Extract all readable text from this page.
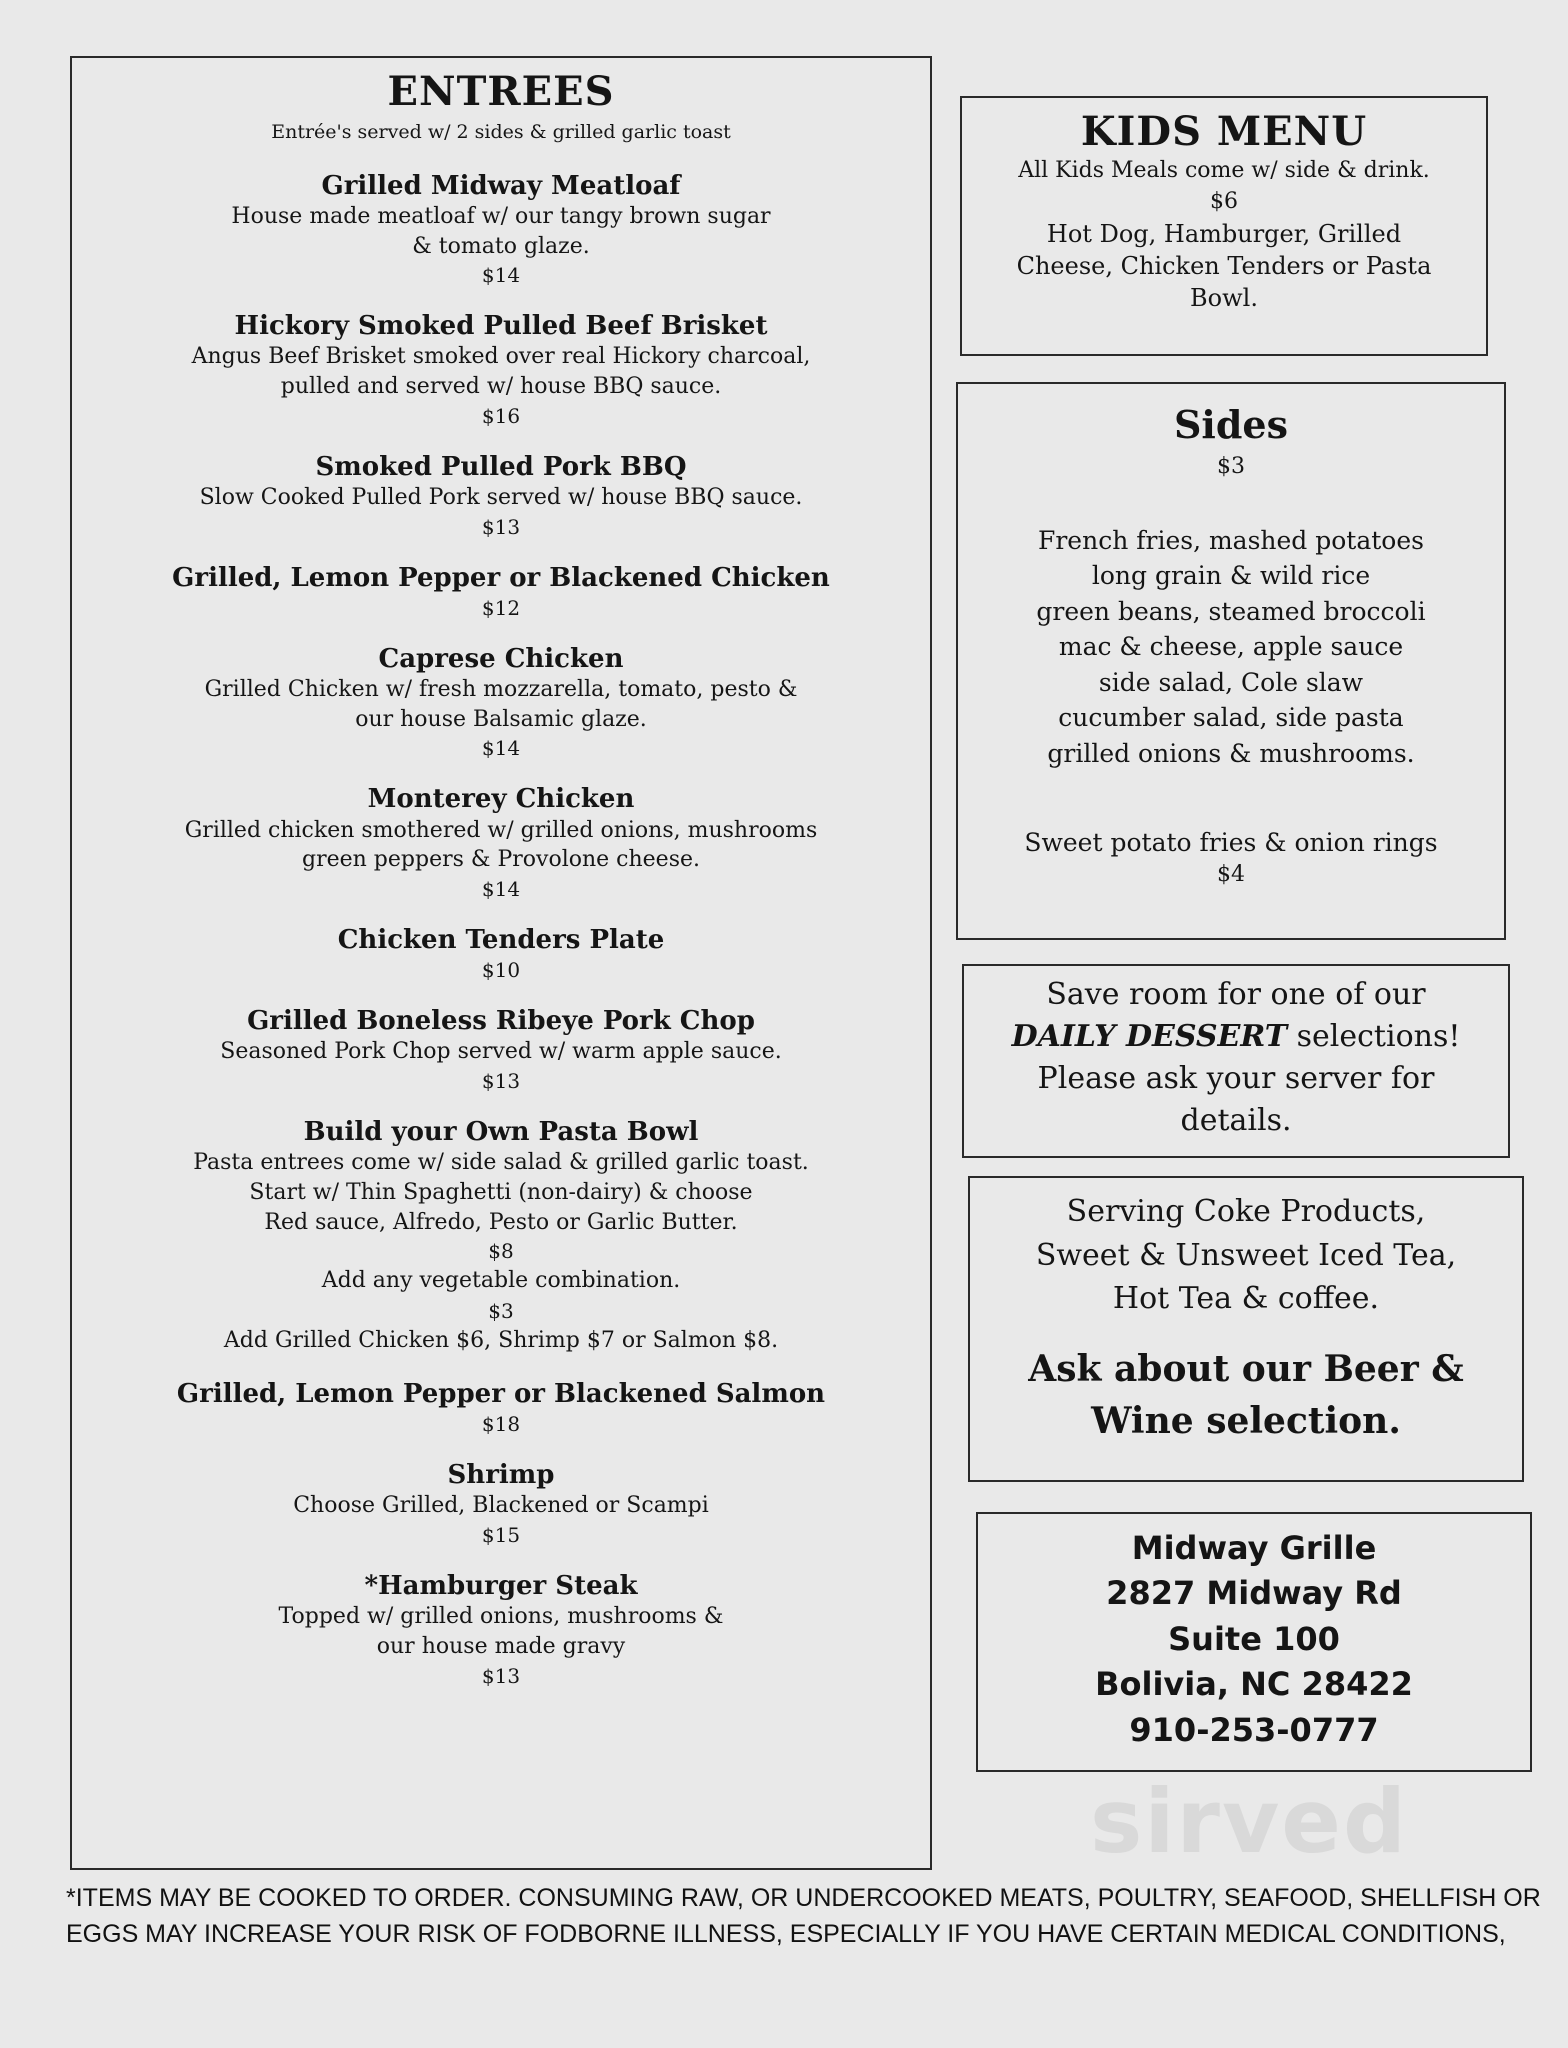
ENTREES
Entrée's served w/ 2 sides & grilled garlic toast
Grilled Midway Meatloaf
House made meatloaf w/ our tangy brown sugar
& tomato glaze.
$14
Hickory Smoked Pulled Beef Brisket
Angus Beef Brisket smoked over real Hickory charcoal,
pulled and served w/ house BBQ sauce.
$16
Smoked Pulled Pork BBQ
Slow Cooked Pulled Pork served w/ house BBQ sauce.
$13
Grilled, Lemon Pepper or Blackened Chicken
$12
Caprese Chicken
Grilled Chicken w/ fresh mozzarella, tomato, pesto &
our house Balsamic glaze.
$14
Monterey Chicken
Grilled chicken smothered w/ grilled onions, mushrooms
green peppers & Provolone cheese.
$14
Chicken Tenders Plate
$10
Grilled Boneless Ribeye Pork Chop
Seasoned Pork Chop served w/ warm apple sauce.
$13
Build your Own Pasta Bowl
Pasta entrees come w/ side salad & grilled garlic toast.
Start w/ Thin Spaghetti (non-dairy) & choose
Red sauce, Alfredo, Pesto or Garlic Butter.
$8
Add any vegetable combination.
$3
Add Grilled Chicken $6, Shrimp $7 or Salmon $8.
Grilled, Lemon Pepper or Blackened Salmon
$18
Shrimp
Choose Grilled, Blackened or Scampi
$15
*Hamburger Steak
Topped w/ grilled onions, mushrooms &
our house made gravy
$13
KIDS MENU
All Kids Meals come w/ side & drink.
$6
Hot Dog, Hamburger, Grilled Cheese, Chicken Tenders or Pasta Bowl.
Sides
$3
French fries, mashed potatoes
long grain & wild rice
green beans, steamed broccoli
mac & cheese, apple sauce
side salad, Cole slaw
cucumber salad, side pasta
grilled onions & mushrooms.
Sweet potato fries & onion rings
$4
Save room for one of our
DAILY DESSERT selections!
Please ask your server for details.
Serving Coke Products,
Sweet & Unsweet Iced Tea,
Hot Tea & coffee.
Ask about our Beer & Wine selection.
Midway Grille
2827 Midway Rd
Suite 100
Bolivia, NC 28422
910-253-0777
sirved
*ITEMS MAY BE COOKED TO ORDER. CONSUMING RAW, OR UNDERCOOKED MEATS, POULTRY, SEAFOOD, SHELLFISH OR EGGS MAY INCREASE YOUR RISK OF FODBORNE ILLNESS, ESPECIALLY IF YOU HAVE CERTAIN MEDICAL CONDITIONS,
